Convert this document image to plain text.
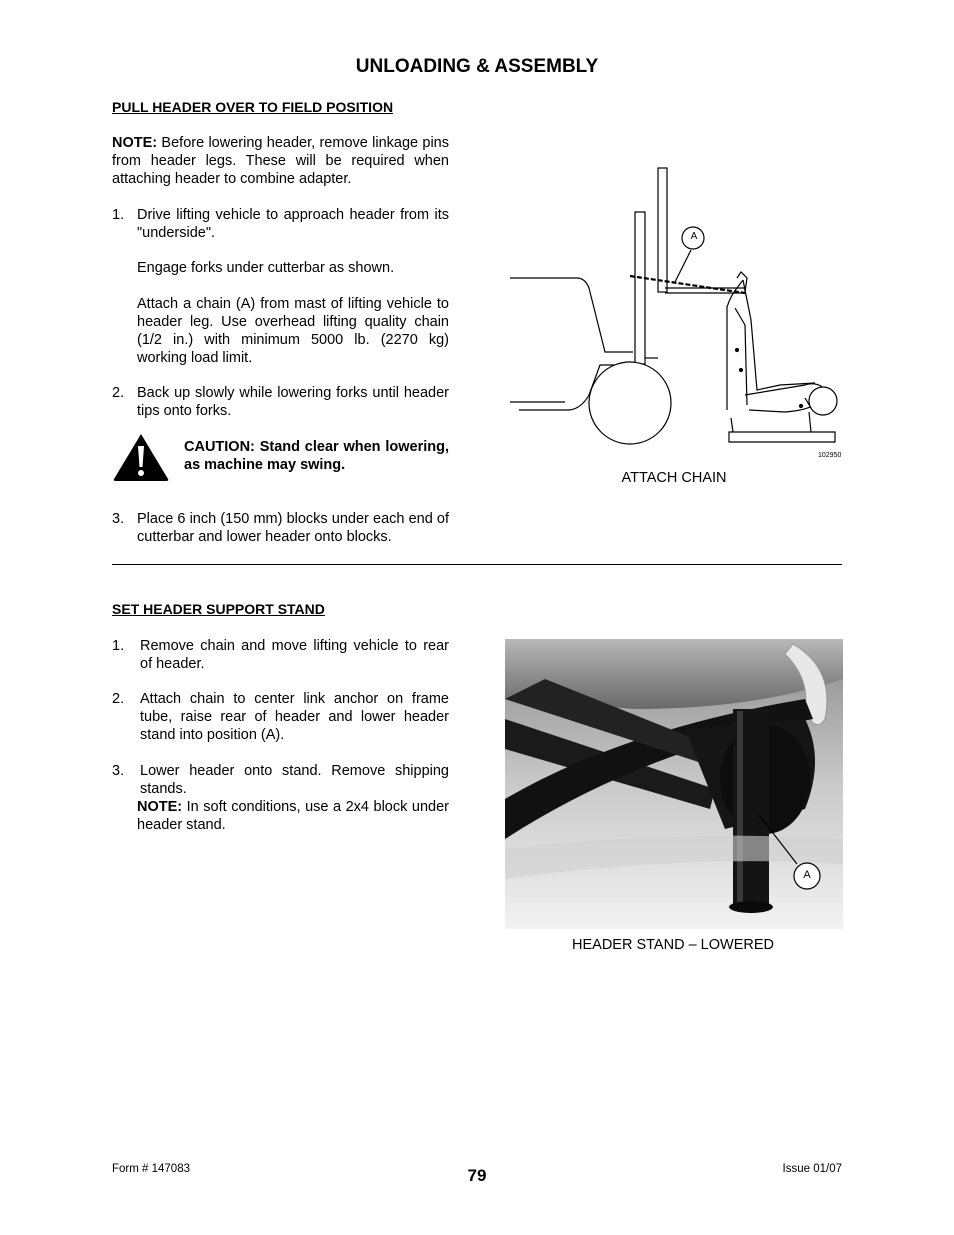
UNLOADING & ASSEMBLY
PULL HEADER OVER TO FIELD POSITION
NOTE: Before lowering header, remove linkage pins from header legs. These will be required when attaching header to combine adapter.
1. Drive lifting vehicle to approach header from its "underside".
Engage forks under cutterbar as shown.
Attach a chain (A) from mast of lifting vehicle to header leg. Use overhead lifting quality chain (1/2 in.) with minimum 5000 lb. (2270 kg) working load limit.
2. Back up slowly while lowering forks until header tips onto forks.
CAUTION: Stand clear when lowering, as machine may swing.
3. Place 6 inch (150 mm) blocks under each end of cutterbar and lower header onto blocks.
A
102950
ATTACH CHAIN
SET HEADER SUPPORT STAND
1. Remove chain and move lifting vehicle to rear of header.
2. Attach chain to center link anchor on frame tube, raise rear of header and lower header stand into position (A).
3. Lower header onto stand. Remove shipping stands.
NOTE: In soft conditions, use a 2x4 block under header stand.
A
HEADER STAND – LOWERED
Form # 147083	79	Issue 01/07
